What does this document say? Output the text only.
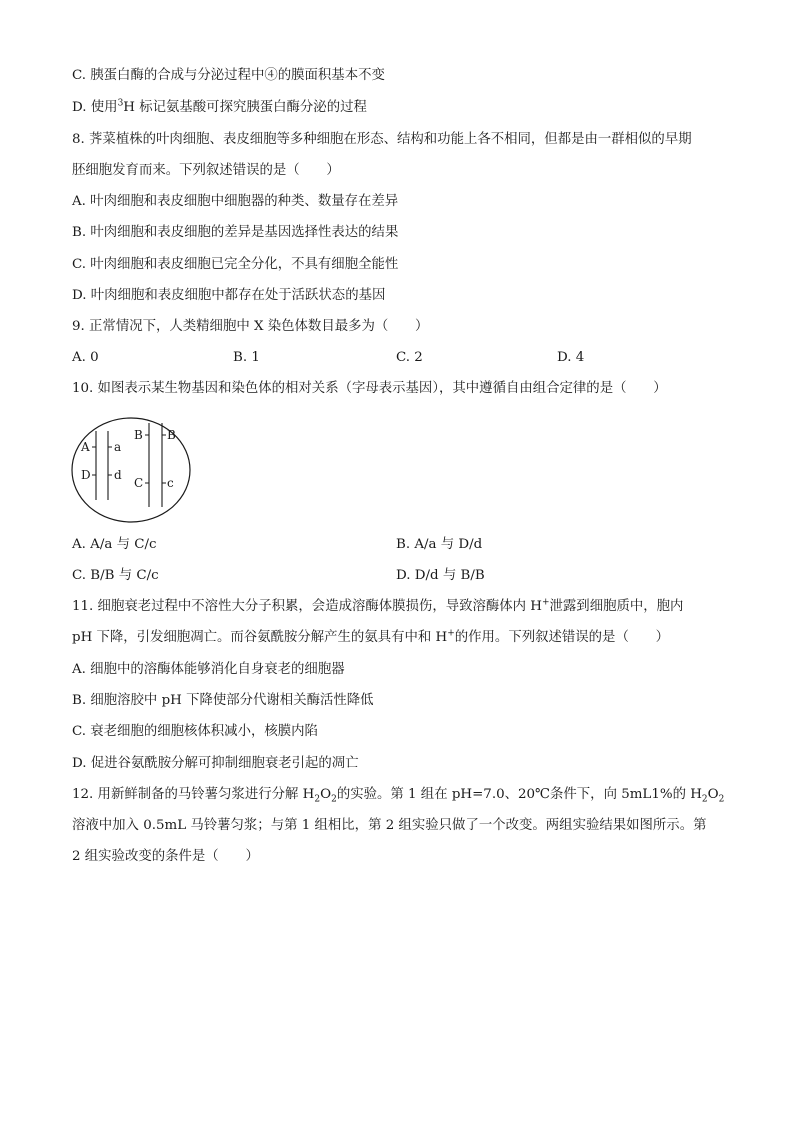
C. 胰蛋白酶的合成与分泌过程中④的膜面积基本不变
D. 使用$^3$H 标记氨基酸可探究胰蛋白酶分泌的过程
8. 荠菜植株的叶肉细胞、表皮细胞等多种细胞在形态、结构和功能上各不相同，但都是由一群相似的早期
胚细胞发育而来。下列叙述错误的是（　　）
A. 叶肉细胞和表皮细胞中细胞器的种类、数量存在差异
B. 叶肉细胞和表皮细胞的差异是基因选择性表达的结果
C. 叶肉细胞和表皮细胞已完全分化，不具有细胞全能性
D. 叶肉细胞和表皮细胞中都存在处于活跃状态的基因
9. 正常情况下，人类精细胞中 X 染色体数目最多为（　　）
A. 0	B. 1	C. 2	D. 4
10. 如图表示某生物基因和染色体的相对关系（字母表示基因），其中遵循自由组合定律的是（　　）
A a
D d
B B
C c
A. A/a 与 C/c	B. A/a 与 D/d
C. B/B 与 C/c	D. D/d 与 B/B
11. 细胞衰老过程中不溶性大分子积累，会造成溶酶体膜损伤，导致溶酶体内 H+泄露到细胞质中，胞内
pH 下降，引发细胞凋亡。而谷氨酰胺分解产生的氨具有中和 H+的作用。下列叙述错误的是（　　）
A. 细胞中的溶酶体能够消化自身衰老的细胞器
B. 细胞溶胶中 pH 下降使部分代谢相关酶活性降低
C. 衰老细胞的细胞核体积减小，核膜内陷
D. 促进谷氨酰胺分解可抑制细胞衰老引起的凋亡
12. 用新鲜制备的马铃薯匀浆进行分解 $H_2O_2$的实验。第 1 组在 pH=7.0、20℃条件下，向 5mL1%的 $H_2O_2$
溶液中加入 0.5mL 马铃薯匀浆；与第 1 组相比，第 2 组实验只做了一个改变。两组实验结果如图所示。第
2 组实验改变的条件是（　　）
